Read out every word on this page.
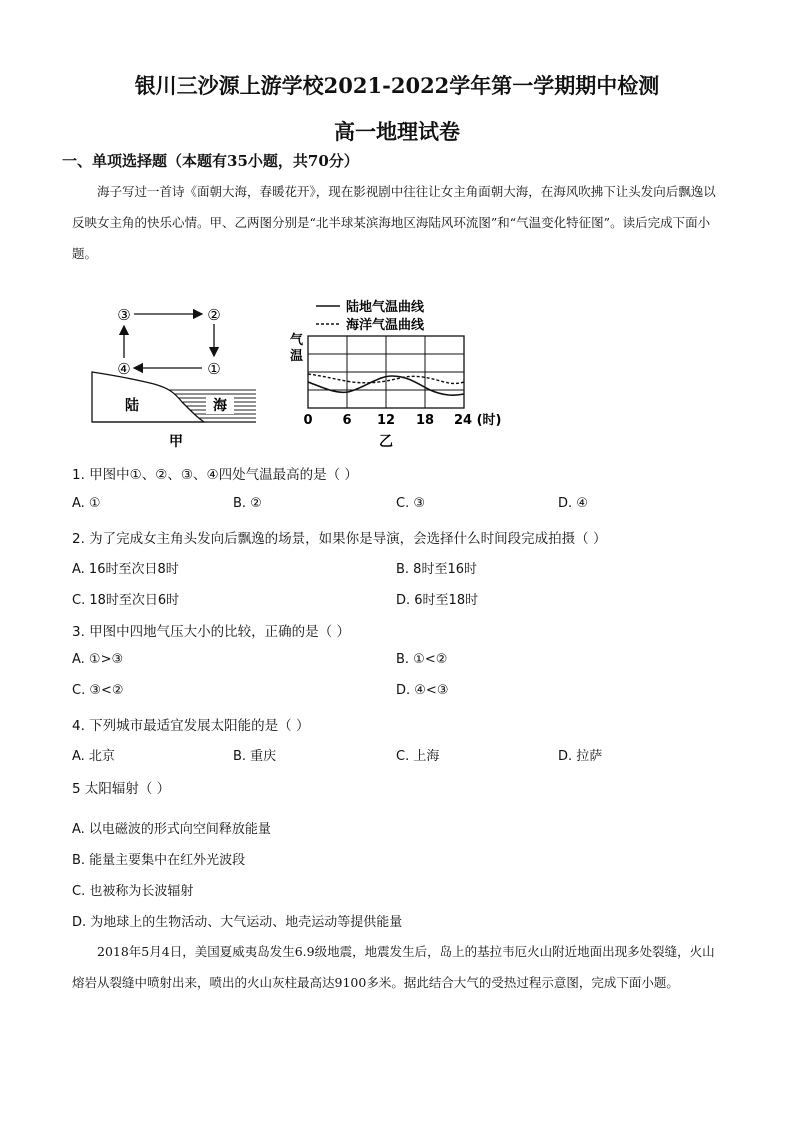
银川三沙源上游学校2021-2022学年第一学期期中检测
高一地理试卷
一、单项选择题（本题有35小题，共70分）
海子写过一首诗《面朝大海，春暖花开》，现在影视剧中往往让女主角面朝大海，在海风吹拂下让头发向后飘逸以反映女主角的快乐心情。甲、乙两图分别是“北半球某滨海地区海陆风环流图”和“气温变化特征图”。读后完成下面小题。
③	②
①
④
陆	海
甲
陆地气温曲线
海洋气温曲线
气
温
0 6 12 18 24 (时)
乙
1. 甲图中①、②、③、④四处气温最高的是（ ）
A. ①	B. ②	C. ③	D. ④
2. 为了完成女主角头发向后飘逸的场景，如果你是导演，会选择什么时间段完成拍摄（ ）
A. 16时至次日8时	B. 8时至16时
C. 18时至次日6时	D. 6时至18时
3. 甲图中四地气压大小的比较，正确的是（ ）
A. ①>③	B. ①<②
C. ③<②	D. ④<③
4. 下列城市最适宜发展太阳能的是（ ）
A. 北京	B. 重庆	C. 上海	D. 拉萨
5 太阳辐射（ ）
A. 以电磁波的形式向空间释放能量
B. 能量主要集中在红外光波段
C. 也被称为长波辐射
D. 为地球上的生物活动、大气运动、地壳运动等提供能量
2018年5月4日，美国夏威夷岛发生6.9级地震，地震发生后，岛上的基拉韦厄火山附近地面出现多处裂缝，火山熔岩从裂缝中喷射出来，喷出的火山灰柱最高达9100多米。据此结合大气的受热过程示意图，完成下面小题。
